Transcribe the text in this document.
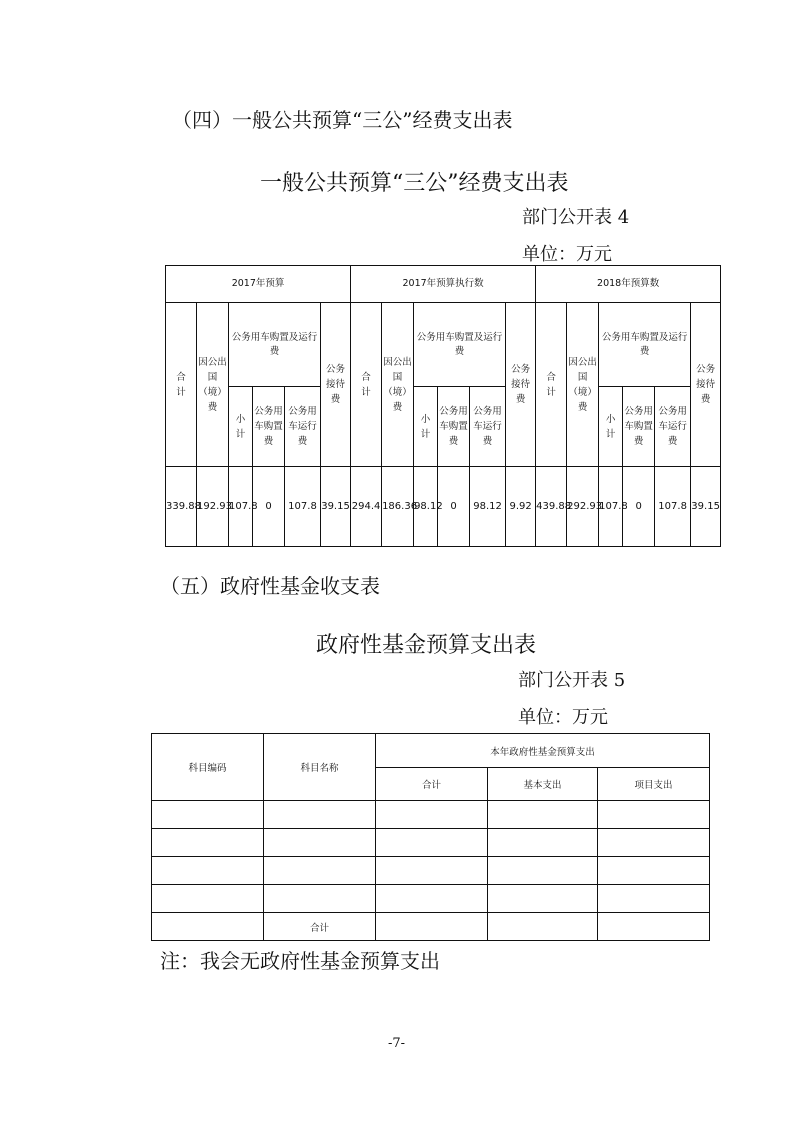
（四）一般公共预算“三公”经费支出表
一般公共预算“三公”经费支出表
部门公开表 4
单位：万元
2017年预算						2017年预算执行数						2018年预算数					
合计	因公出国（境）费	公务用车购置及运行费			公务接待费	合计	因公出国（境）费	公务用车购置及运行费			公务接待费	合计	因公出国（境）费	公务用车购置及运行费			公务接待费
		小计	公务用车购置费	公务用车运行费				小计	公务用车购置费	公务用车运行费				小计	公务用车购置费	公务用车运行费	
339.88	192.93	107.8	0	107.8	39.15	294.4	186.36	98.12	0	98.12	9.92	439.88	292.93	107.8	0	107.8	39.15
（五）政府性基金收支表
政府性基金预算支出表
部门公开表 5
单位：万元
科目编码	科目名称	本年政府性基金预算支出		
		合计	基本支出	项目支出

	合计			
注：我会无政府性基金预算支出
-7-
